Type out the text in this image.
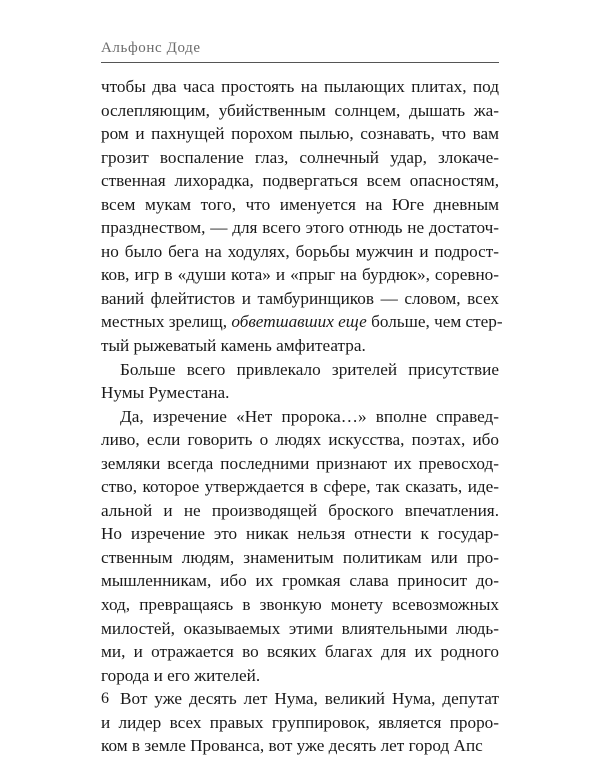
Альфонс Доде
чтобы два часа простоять на пылающих плитах, под
ослепляющим, убийственным солнцем, дышать жа-
ром и пахнущей порохом пылью, сознавать, что вам
грозит воспаление глаз, солнечный удар, злокаче-
ственная лихорадка, подвергаться всем опасностям,
всем мукам того, что именуется на Юге дневным
празднеством, — для всего этого отнюдь не достаточ-
но было бега на ходулях, борьбы мужчин и подрост-
ков, игр в «души кота» и «прыг на бурдюк», соревно-
ваний флейтистов и тамбуринщиков — словом, всех
местных зрелищ, обветшавших еще больше, чем стер-
тый рыжеватый камень амфитеатра.
Больше всего привлекало зрителей присутствие
Нумы Руместана.
Да, изречение «Нет пророка…» вполне справед-
ливо, если говорить о людях искусства, поэтах, ибо
земляки всегда последними признают их превосход-
ство, которое утверждается в сфере, так сказать, иде-
альной и не производящей броского впечатления.
Но изречение это никак нельзя отнести к государ-
ственным людям, знаменитым политикам или про-
мышленникам, ибо их громкая слава приносит до-
ход, превращаясь в звонкую монету всевозможных
милостей, оказываемых этими влиятельными людь-
ми, и отражается во всяких благах для их родного
города и его жителей.
Вот уже десять лет Нума, великий Нума, депутат
и лидер всех правых группировок, является проро-
ком в земле Прованса, вот уже десять лет город Апс
6
